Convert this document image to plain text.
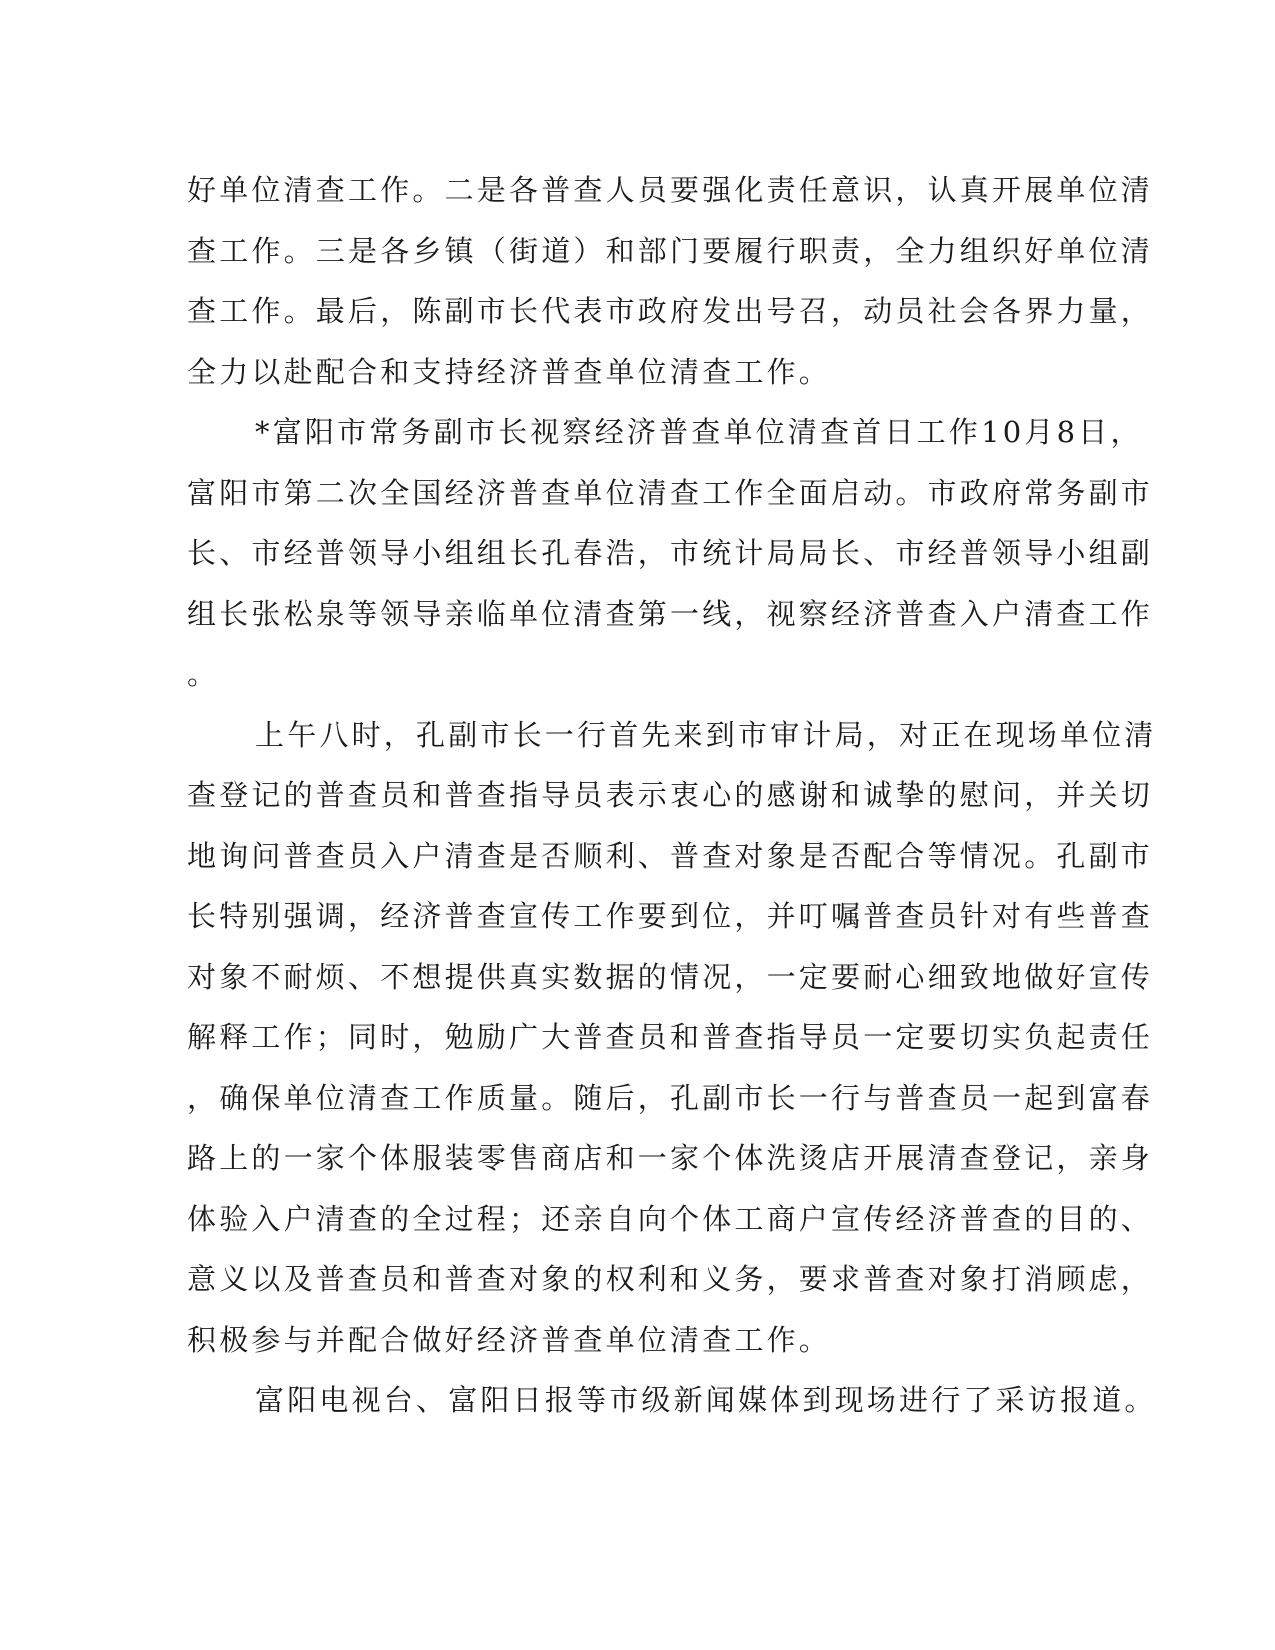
好单位清查工作。二是各普查人员要强化责任意识，认真开展单位清
查工作。三是各乡镇（街道）和部门要履行职责，全力组织好单位清
查工作。最后，陈副市长代表市政府发出号召，动员社会各界力量，
全力以赴配合和支持经济普查单位清查工作。
*富阳市常务副市长视察经济普查单位清查首日工作10月8日，
富阳市第二次全国经济普查单位清查工作全面启动。市政府常务副市
长、市经普领导小组组长孔春浩，市统计局局长、市经普领导小组副
组长张松泉等领导亲临单位清查第一线，视察经济普查入户清查工作
。
上午八时，孔副市长一行首先来到市审计局，对正在现场单位清
查登记的普查员和普查指导员表示衷心的感谢和诚挚的慰问，并关切
地询问普查员入户清查是否顺利、普查对象是否配合等情况。孔副市
长特别强调，经济普查宣传工作要到位，并叮嘱普查员针对有些普查
对象不耐烦、不想提供真实数据的情况，一定要耐心细致地做好宣传
解释工作；同时，勉励广大普查员和普查指导员一定要切实负起责任
，确保单位清查工作质量。随后，孔副市长一行与普查员一起到富春
路上的一家个体服装零售商店和一家个体洗烫店开展清查登记，亲身
体验入户清查的全过程；还亲自向个体工商户宣传经济普查的目的、
意义以及普查员和普查对象的权利和义务，要求普查对象打消顾虑，
积极参与并配合做好经济普查单位清查工作。
富阳电视台、富阳日报等市级新闻媒体到现场进行了采访报道。
